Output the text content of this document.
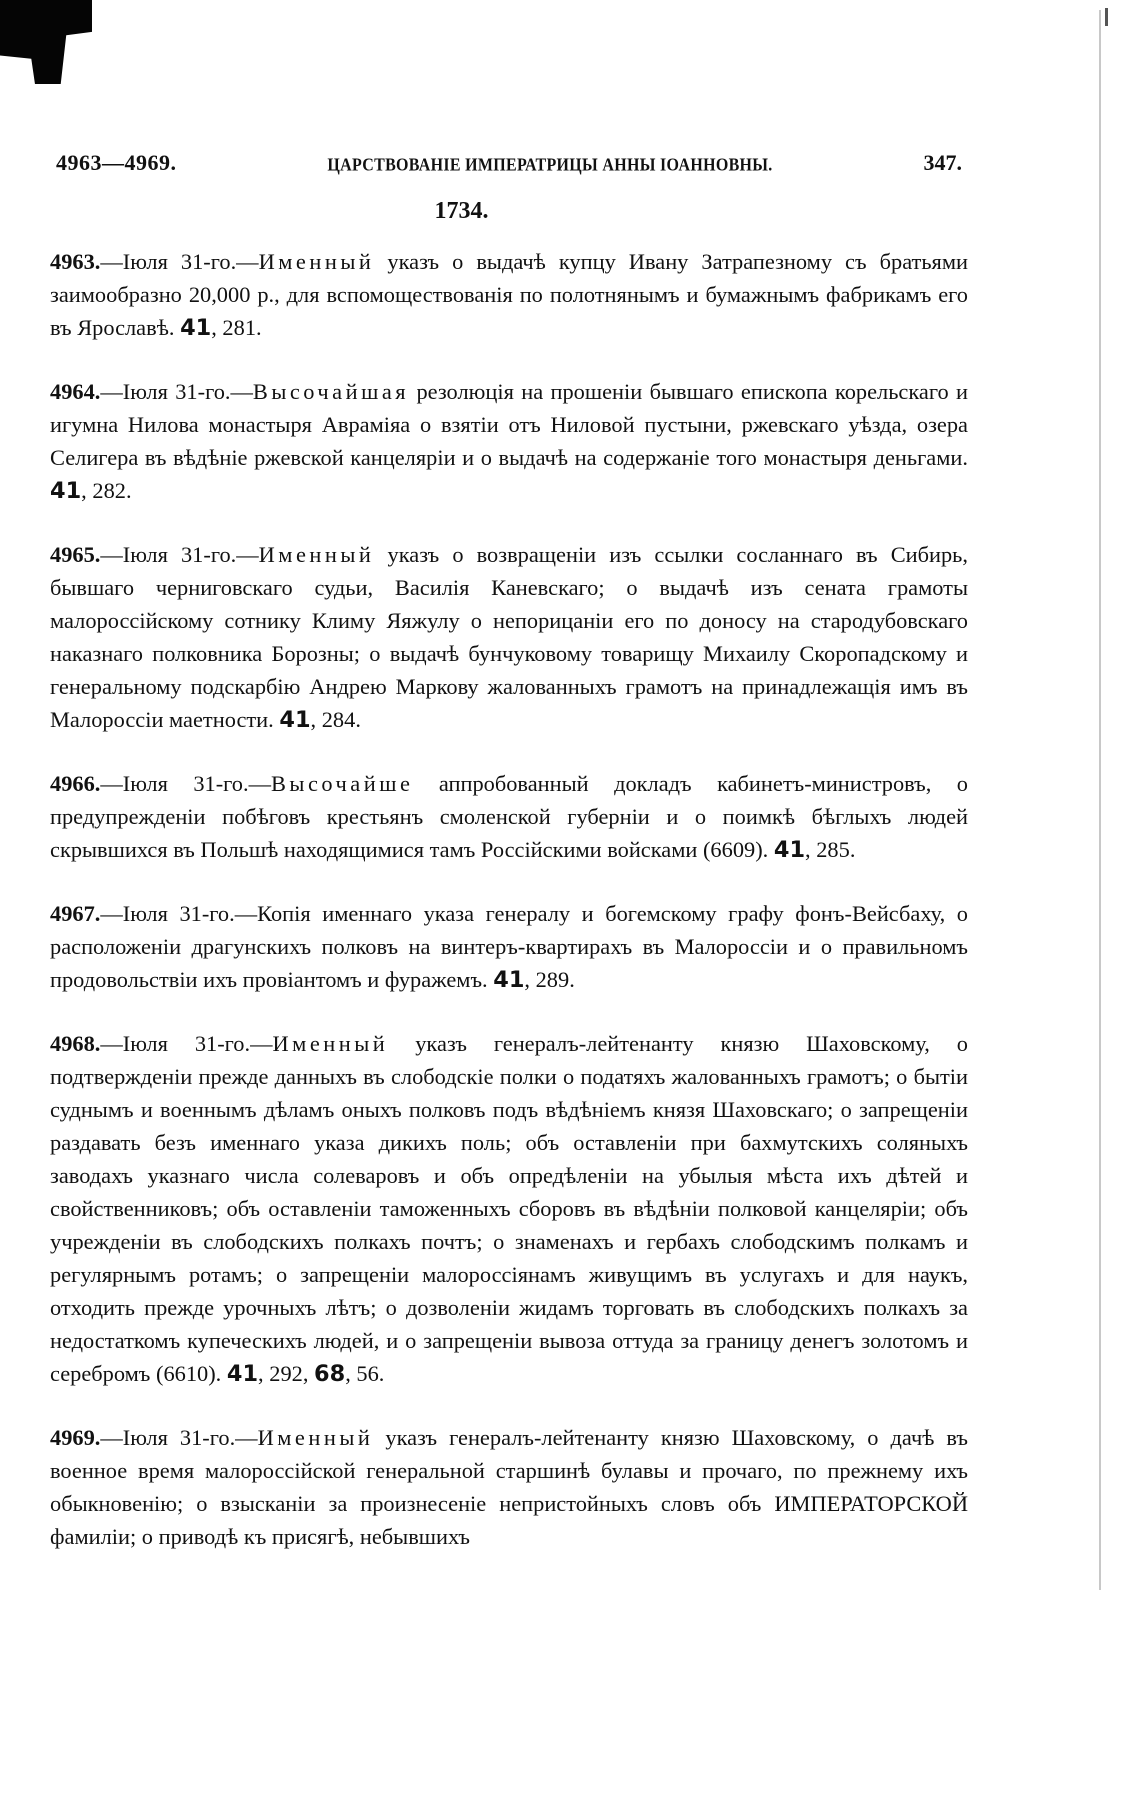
4963—4969.	ЦАРСТВОВАНІЕ ИМПЕРАТРИЦЫ АННЫ ІОАННОВНЫ.	347.
1734.

4963.—Іюля 31-го.—Именный указъ о выдачѣ купцу Ивану Затрапезному съ братьями заимообразно 20,000 р., для вспомоществованія по полотнянымъ и бумажнымъ фабрикамъ его въ Ярославѣ. 41, 281.

4964.—Іюля 31-го.—Высочайшая резолюція на прошеніи бывшаго епископа корельскаго и игумна Нилова монастыря Авраміяа о взятіи отъ Ниловой пустыни, ржевскаго уѣзда, озера Селигера въ вѣдѣніе ржевской канцеляріи и о выдачѣ на содержаніе того монастыря деньгами. 41, 282.

4965.—Іюля 31-го.—Именный указъ о возвращеніи изъ ссылки сосланнаго въ Сибирь, бывшаго черниговскаго судьи, Василія Каневскаго; о выдачѣ изъ сената грамоты малороссійскому сотнику Климу Яяжулу о непорицаніи его по доносу на стародубовскаго наказнаго полковника Борозны; о выдачѣ бунчуковому товарищу Михаилу Скоропадскому и генеральному подскарбію Андрею Маркову жалованныхъ грамотъ на принадлежащія имъ въ Малороссіи маетности. 41, 284.

4966.—Іюля 31-го.—Высочайше аппробованный докладъ кабинетъ-министровъ, о предупрежденіи побѣговъ крестьянъ смоленской губерніи и о поимкѣ бѣглыхъ людей скрывшихся въ Польшѣ находящимися тамъ Россійскими войсками (6609). 41, 285.

4967.—Іюля 31-го.—Копія именнаго указа генералу и богемскому графу фонъ-Вейсбаху, о расположеніи драгунскихъ полковъ на винтеръ-квартирахъ въ Малороссіи и о правильномъ продовольствіи ихъ провіантомъ и фуражемъ. 41, 289.

4968.—Іюля 31-го.—Именный указъ генералъ-лейтенанту князю Шаховскому, о подтвержденіи прежде данныхъ въ слободскіе полки о податяхъ жалованныхъ грамотъ; о бытіи суднымъ и военнымъ дѣламъ оныхъ полковъ подъ вѣдѣніемъ князя Шаховскаго; о запрещеніи раздавать безъ именнаго указа дикихъ поль; объ оставленіи при бахмутскихъ соляныхъ заводахъ указнаго числа солеваровъ и объ опредѣленіи на убылыя мѣста ихъ дѣтей и свойственниковъ; объ оставленіи таможенныхъ сборовъ въ вѣдѣніи полковой канцеляріи; объ учрежденіи въ слободскихъ полкахъ почтъ; о знаменахъ и гербахъ слободскимъ полкамъ и регулярнымъ ротамъ; о запрещеніи малороссіянамъ живущимъ въ услугахъ и для наукъ, отходить прежде урочныхъ лѣтъ; о дозволеніи жидамъ торговать въ слободскихъ полкахъ за недостаткомъ купеческихъ людей, и о запрещеніи вывоза оттуда за границу денегъ золотомъ и серебромъ (6610). 41, 292, 68, 56.

4969.—Іюля 31-го.—Именный указъ генералъ-лейтенанту князю Шаховскому, о дачѣ въ военное время малороссійской генеральной старшинѣ булавы и прочаго, по прежнему ихъ обыкновенію; о взысканіи за произнесеніе непристойныхъ словъ объ ИМПЕРАТОРСКОЙ фамиліи; о приводѣ къ присягѣ, небывшихъ
